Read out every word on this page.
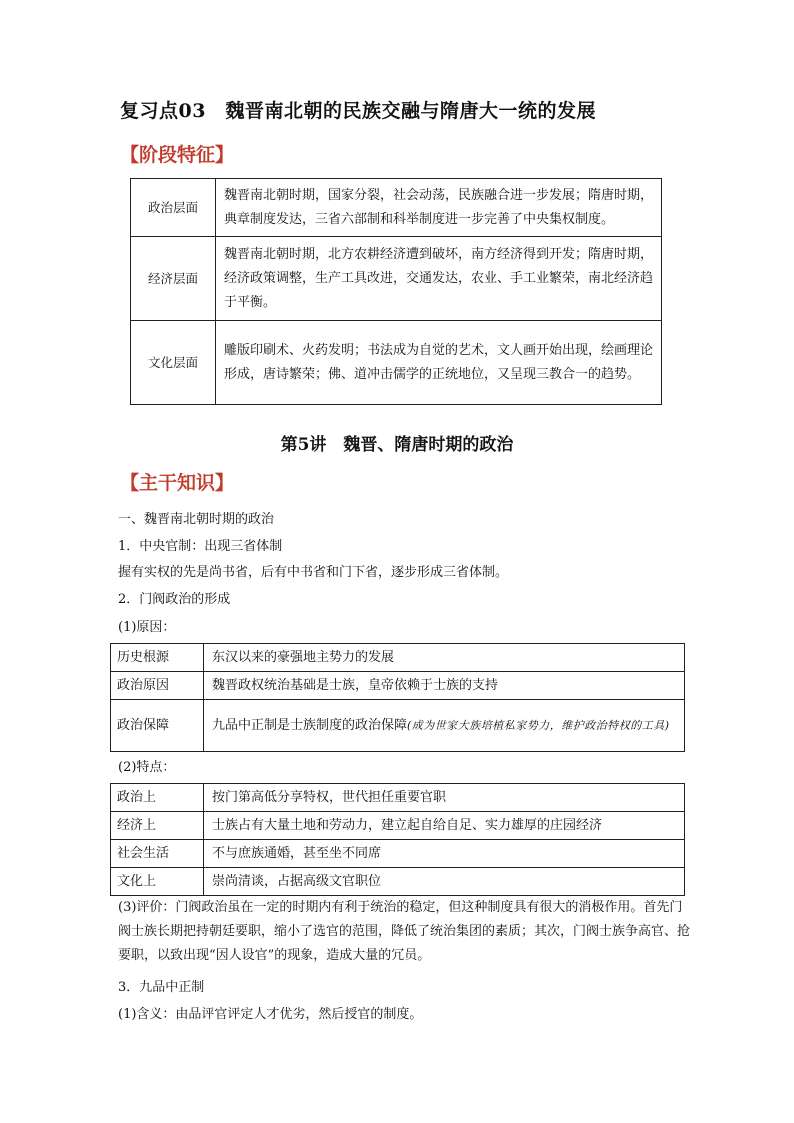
复习点03　魏晋南北朝的民族交融与隋唐大一统的发展
【阶段特征】
政治层面	魏晋南北朝时期，国家分裂，社会动荡，民族融合进一步发展；隋唐时期，典章制度发达，三省六部制和科举制度进一步完善了中央集权制度。
经济层面	魏晋南北朝时期，北方农耕经济遭到破坏，南方经济得到开发；隋唐时期，经济政策调整，生产工具改进，交通发达，农业、手工业繁荣，南北经济趋于平衡。
文化层面	雕版印刷术、火药发明；书法成为自觉的艺术，文人画开始出现，绘画理论形成，唐诗繁荣；佛、道冲击儒学的正统地位，又呈现三教合一的趋势。
第5讲　魏晋、隋唐时期的政治
【主干知识】
一、魏晋南北朝时期的政治
1．中央官制：出现三省体制
握有实权的先是尚书省，后有中书省和门下省，逐步形成三省体制。
2．门阀政治的形成
(1)原因：
历史根源	东汉以来的豪强地主势力的发展
政治原因	魏晋政权统治基础是士族，皇帝依赖于士族的支持
政治保障	九品中正制是士族制度的政治保障(成为世家大族培植私家势力，维护政治特权的工具)
(2)特点：
政治上	按门第高低分享特权，世代担任重要官职
经济上	士族占有大量土地和劳动力，建立起自给自足、实力雄厚的庄园经济
社会生活	不与庶族通婚，甚至坐不同席
文化上	崇尚清谈，占据高级文官职位
(3)评价：门阀政治虽在一定的时期内有利于统治的稳定，但这种制度具有很大的消极作用。首先门阀士族长期把持朝廷要职，缩小了选官的范围，降低了统治集团的素质；其次，门阀士族争高官、抢要职，以致出现“因人设官”的现象，造成大量的冗员。
3．九品中正制
(1)含义：由品评官评定人才优劣，然后授官的制度。
